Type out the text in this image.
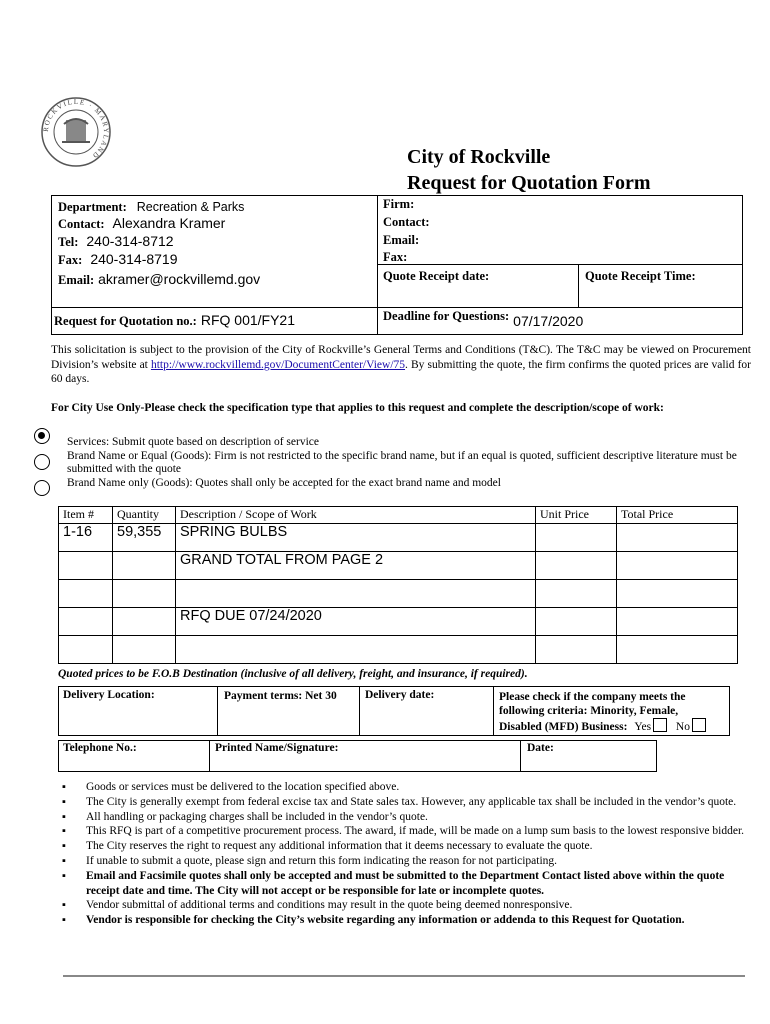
ROCKVILLE · MARYLAND	City of Rockville
Request for Quotation Form
Department: Recreation & Parks
Contact: Alexandra Kramer
Tel: 240-314-8712
Fax: 240-314-8719
Email: akramer@rockvillemd.gov
Firm:
Contact:
Email:
Fax:
Quote Receipt date:	Quote Receipt Time:
Request for Quotation no.: RFQ 001/FY21	Deadline for Questions: 07/17/2020
This solicitation is subject to the provision of the City of Rockville’s General Terms and Conditions (T&C). The T&C may be viewed on Procurement Division’s website at http://www.rockvillemd.gov/DocumentCenter/View/75. By submitting the quote, the firm confirms the quoted prices are valid for 60 days.
For City Use Only-Please check the specification type that applies to this request and complete the description/scope of work:
Services: Submit quote based on description of service
Brand Name or Equal (Goods): Firm is not restricted to the specific brand name, but if an equal is quoted, sufficient descriptive literature must be submitted with the quote
Brand Name only (Goods): Quotes shall only be accepted for the exact brand name and model
Item #	Quantity	Description / Scope of Work	Unit Price	Total Price
1-16	59,355	SPRING BULBS		
		GRAND TOTAL FROM PAGE 2		

		RFQ DUE 07/24/2020		

Quoted prices to be F.O.B Destination (inclusive of all delivery, freight, and insurance, if required).
Delivery Location:	Payment terms: Net 30 Delivery date:	Please check if the company meets the
following criteria: Minority, Female,
Disabled (MFD) Business: Yes No
Telephone No.:	Printed Name/Signature:	Date:
▪ Goods or services must be delivered to the location specified above.
▪ The City is generally exempt from federal excise tax and State sales tax. However, any applicable tax shall be included in the vendor’s quote.
▪ All handling or packaging charges shall be included in the vendor’s quote.
▪ This RFQ is part of a competitive procurement process. The award, if made, will be made on a lump sum basis to the lowest responsive bidder.
▪ The City reserves the right to request any additional information that it deems necessary to evaluate the quote.
▪ If unable to submit a quote, please sign and return this form indicating the reason for not participating.
▪ Email and Facsimile quotes shall only be accepted and must be submitted to the Department Contact listed above within the quote receipt date and time. The City will not accept or be responsible for late or incomplete quotes.
▪ Vendor submittal of additional terms and conditions may result in the quote being deemed nonresponsive.
▪ Vendor is responsible for checking the City’s website regarding any information or addenda to this Request for Quotation.
